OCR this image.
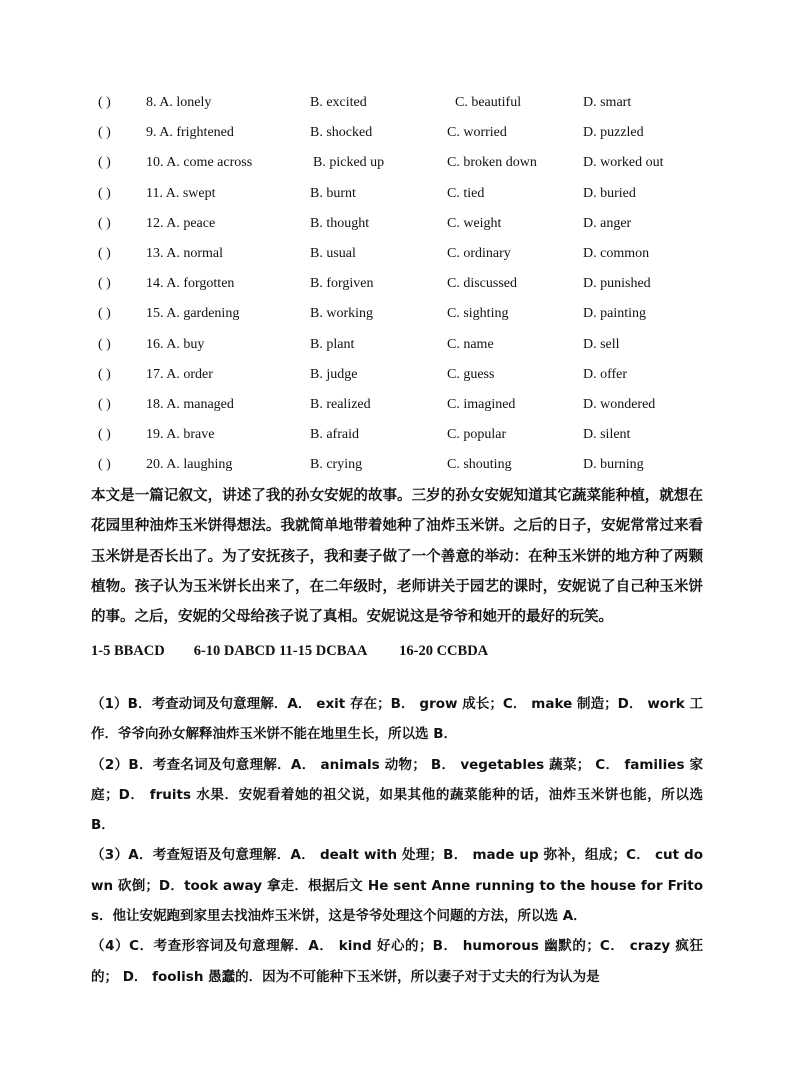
( )	8. A. lonely	B. excited	C. beautiful	D. smart
( )	9. A. frightened	B. shocked	C. worried	D. puzzled
( )	10. A. come across	B. picked up	C. broken down	D. worked out
( )	11. A. swept	B. burnt	C. tied	D. buried
( )	12. A. peace	B. thought	C. weight	D. anger
( )	13. A. normal	B. usual	C. ordinary	D. common
( )	14. A. forgotten	B. forgiven	C. discussed	D. punished
( )	15. A. gardening	B. working	C. sighting	D. painting
( )	16. A. buy	B. plant	C. name	D. sell
( )	17. A. order	B. judge	C. guess	D. offer
( )	18. A. managed	B. realized	C. imagined	D. wondered
( )	19. A. brave	B. afraid	C. popular	D. silent
( )	20. A. laughing	B. crying	C. shouting	D. burning

本文是一篇记叙文，讲述了我的孙女安妮的故事。三岁的孙女安妮知道其它蔬菜能种植，就想在花园里种油炸玉米饼得想法。我就简单地带着她种了油炸玉米饼。之后的日子，安妮常常过来看玉米饼是否长出了。为了安抚孩子，我和妻子做了一个善意的举动：在种玉米饼的地方种了两颗植物。孩子认为玉米饼长出来了，在二年级时，老师讲关于园艺的课时，安妮说了自己种玉米饼的事。之后，安妮的父母给孩子说了真相。安妮说这是爷爷和她开的最好的玩笑。

1-5 BBACD        6-10 DABCD 11-15 DCBAA         16-20 CCBDA

（1）B．考查动词及句意理解．A． exit 存在；B． grow 成长；C． make 制造；D． work 工作．爷爷向孙女解释油炸玉米饼不能在地里生长，所以选 B．

（2）B．考查名词及句意理解．A． animals 动物； B． vegetables 蔬菜； C． families 家庭；D． fruits 水果．安妮看着她的祖父说，如果其他的蔬菜能种的话，油炸玉米饼也能，所以选 B．

（3）A．考查短语及句意理解．A． dealt with 处理；B． made up 弥补，组成；C． cut down 砍倒；D．took away 拿走．根据后文 He sent Anne running to the house for Fritos．他让安妮跑到家里去找油炸玉米饼，这是爷爷处理这个问题的方法，所以选 A．

（4）C．考查形容词及句意理解．A． kind 好心的；B． humorous 幽默的；C． crazy 疯狂的； D． foolish 愚蠢的．因为不可能种下玉米饼，所以妻子对于丈夫的行为认为是
